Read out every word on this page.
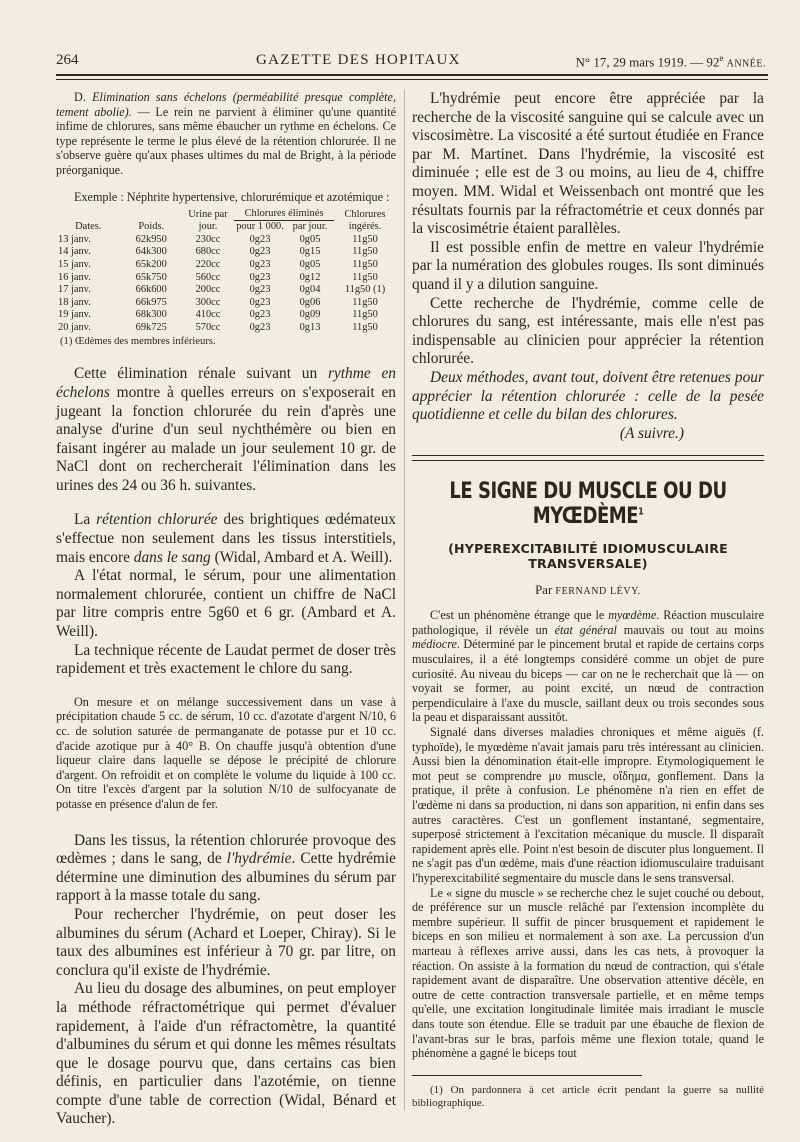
264	GAZETTE DES HOPITAUX	N° 17, 29 mars 1919. — 92e ANNÉE.

D. Elimination sans échelons (perméabilité presque complète, tement abolie). — Le rein ne parvient à éliminer qu'une quantité infime de chlorures, sans même ébaucher un rythme en échelons. Ce type représente le terme le plus élevé de la rétention chlorurée. Il ne s'observe guère qu'aux phases ultimes du mal de Bright, à la période préorganique.

Exemple : Néphrite hypertensive, chlorurémique et azotémique :

Dates.	Poids.	Urine par jour.	Chlorures éliminés		Chlorures ingérés.
			pour 1 000.	par jour.	
13 janv.	62k950	230cc	0g23	0g05	11g50
14 janv.	64k300	680cc	0g23	0g15	11g50
15 janv.	65k200	220cc	0g23	0g05	11g50
16 janv.	65k750	560cc	0g23	0g12	11g50
17 janv.	66k600	200cc	0g23	0g04	11g50 (1)
18 janv.	66k975	300cc	0g23	0g06	11g50
19 janv.	68k300	410cc	0g23	0g09	11g50
20 janv.	69k725	570cc	0g23	0g13	11g50
(1) Œdèmes des membres inférieurs.

Cette élimination rénale suivant un rythme en échelons montre à quelles erreurs on s'exposerait en jugeant la fonction chlorurée du rein d'après une analyse d'urine d'un seul nychthémère ou bien en faisant ingérer au malade un jour seulement 10 gr. de NaCl dont on rechercherait l'élimination dans les urines des 24 ou 36 h. suivantes.

La rétention chlorurée des brightiques œdémateux s'effectue non seulement dans les tissus interstitiels, mais encore dans le sang (Widal, Ambard et A. Weill).

A l'état normal, le sérum, pour une alimentation normalement chlorurée, contient un chiffre de NaCl par litre compris entre 5g60 et 6 gr. (Ambard et A. Weill).

La technique récente de Laudat permet de doser très rapidement et très exactement le chlore du sang.

On mesure et on mélange successivement dans un vase à précipitation chaude 5 cc. de sérum, 10 cc. d'azotate d'argent N/10, 6 cc. de solution saturée de permanganate de potasse pur et 10 cc. d'acide azotique pur à 40° B. On chauffe jusqu'à obtention d'une liqueur claire dans laquelle se dépose le précipité de chlorure d'argent. On refroidit et on complète le volume du liquide à 100 cc. On titre l'excès d'argent par la solution N/10 de sulfocyanate de potasse en présence d'alun de fer.

Dans les tissus, la rétention chlorurée provoque des œdèmes ; dans le sang, de l'hydrémie. Cette hydrémie détermine une diminution des albumines du sérum par rapport à la masse totale du sang.

Pour rechercher l'hydrémie, on peut doser les albumines du sérum (Achard et Loeper, Chiray). Si le taux des albumines est inférieur à 70 gr. par litre, on conclura qu'il existe de l'hydrémie.

Au lieu du dosage des albumines, on peut employer la méthode réfractométrique qui permet d'évaluer rapidement, à l'aide d'un réfractomètre, la quantité d'albumines du sérum et qui donne les mêmes résultats que le dosage pourvu que, dans certains cas bien définis, en particulier dans l'azotémie, on tienne compte d'une table de correction (Widal, Bénard et Vaucher).

L'hydrémie peut encore être appréciée par la recherche de la viscosité sanguine qui se calcule avec un viscosimètre. La viscosité a été surtout étudiée en France par M. Martinet. Dans l'hydrémie, la viscosité est diminuée ; elle est de 3 ou moins, au lieu de 4, chiffre moyen. MM. Widal et Weissenbach ont montré que les résultats fournis par la réfractométrie et ceux donnés par la viscosimétrie étaient parallèles.

Il est possible enfin de mettre en valeur l'hydrémie par la numération des globules rouges. Ils sont diminués quand il y a dilution sanguine.

Cette recherche de l'hydrémie, comme celle de chlorures du sang, est intéressante, mais elle n'est pas indispensable au clinicien pour apprécier la rétention chlorurée.

Deux méthodes, avant tout, doivent être retenues pour apprécier la rétention chlorurée : celle de la pesée quotidienne et celle du bilan des chlorures.

(A suivre.)

LE SIGNE DU MUSCLE OU DU MYŒDÈME$^1$
(HYPEREXCITABILITÉ IDIOMUSCULAIRE TRANSVERSALE)
Par FERNAND LÉVY.

C'est un phénomène étrange que le myœdème. Réaction musculaire pathologique, il révèle un état général mauvais ou tout au moins médiocre. Déterminé par le pincement brutal et rapide de certains corps musculaires, il a été longtemps considéré comme un objet de pure curiosité. Au niveau du biceps — car on ne le recherchait que là — on voyait se former, au point excité, un nœud de contraction perpendiculaire à l'axe du muscle, saillant deux ou trois secondes sous la peau et disparaissant aussitôt.

Signalé dans diverses maladies chroniques et même aiguës (f. typhoïde), le myœdème n'avait jamais paru très intéressant au clinicien. Aussi bien la dénomination était-elle impropre. Etymologiquement le mot peut se comprendre μυ muscle, οἴδημα, gonflement. Dans la pratique, il prête à confusion. Le phénomène n'a rien en effet de l'œdème ni dans sa production, ni dans son apparition, ni enfin dans ses autres caractères. C'est un gonflement instantané, segmentaire, superposé strictement à l'excitation mécanique du muscle. Il disparaît rapidement après elle. Point n'est besoin de discuter plus longuement. Il ne s'agit pas d'un œdème, mais d'une réaction idiomusculaire traduisant l'hyperexcitabilité segmentaire du muscle dans le sens transversal.

Le « signe du muscle » se recherche chez le sujet couché ou debout, de préférence sur un muscle relâché par l'extension incomplète du membre supérieur. Il suffit de pincer brusquement et rapidement le biceps en son milieu et normalement à son axe. La percussion d'un marteau à réflexes arrive aussi, dans les cas nets, à provoquer la réaction. On assiste à la formation du nœud de contraction, qui s'étale rapidement avant de disparaître. Une observation attentive décèle, en outre de cette contraction transversale partielle, et en même temps qu'elle, une excitation longitudinale limitée mais irradiant le muscle dans toute son étendue. Elle se traduit par une ébauche de flexion de l'avant-bras sur le bras, parfois même une flexion totale, quand le phénomène a gagné le biceps tout

(1) On pardonnera à cet article écrit pendant la guerre sa nullité bibliographique.
